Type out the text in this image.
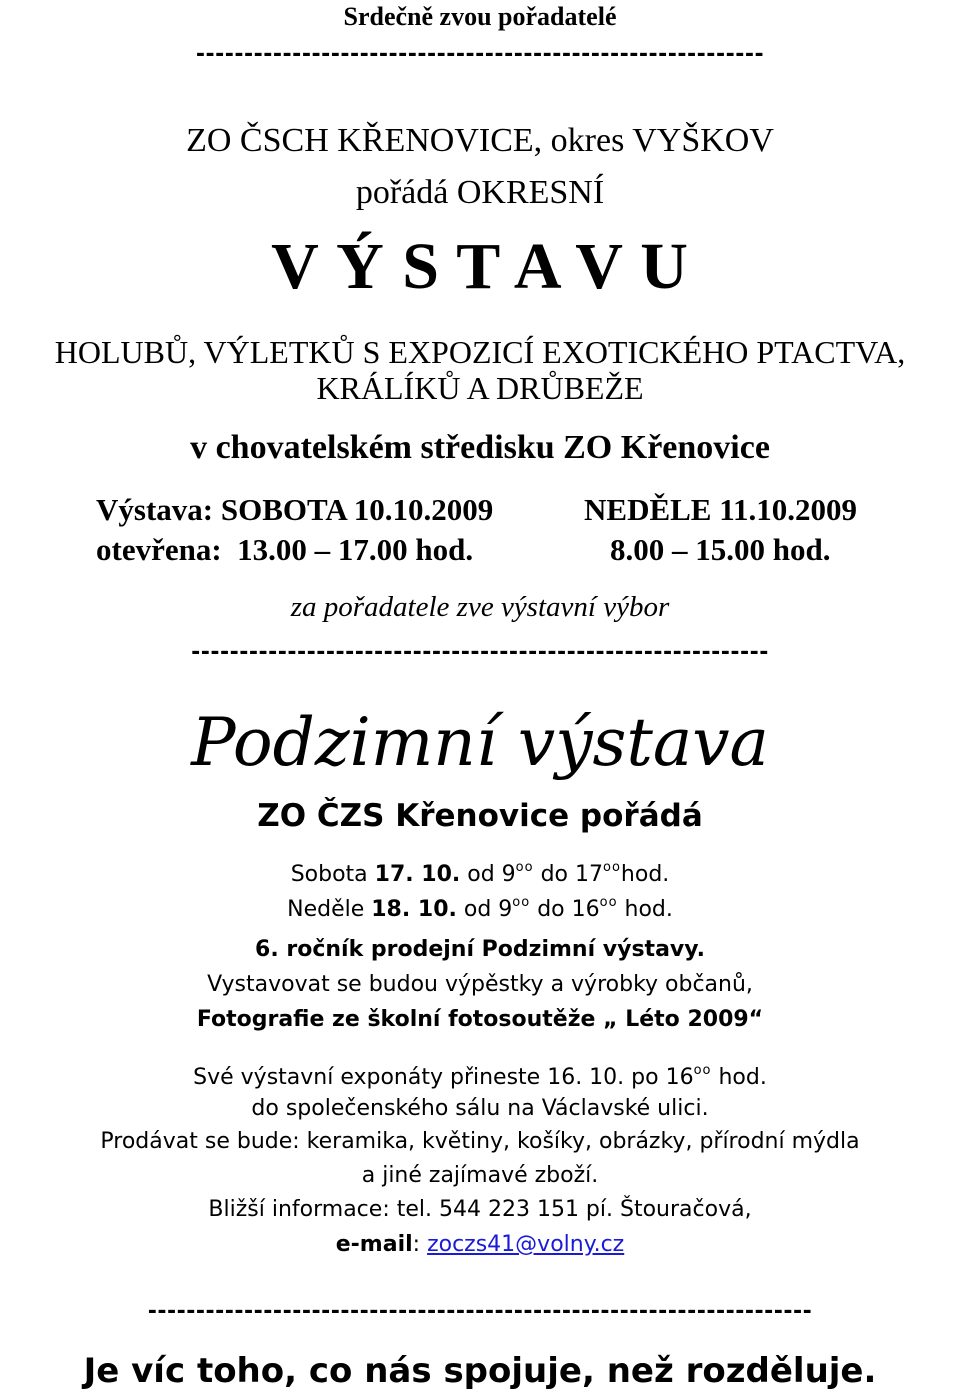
Srdečně zvou pořadatelé
-----------------------------------------------------------
ZO ČSCH KŘENOVICE, okres VYŠKOV
pořádá OKRESNÍ
V Ý S T A V U
HOLUBŮ, VÝLETKŮ S EXPOZICÍ EXOTICKÉHO PTACTVA,
KRÁLÍKŮ A DRŮBEŽE
v chovatelském středisku ZO Křenovice
Výstava: SOBOTA 10.10.2009	NEDĚLE 11.10.2009
otevřena:  13.00 – 17.00 hod.	8.00 – 15.00 hod.
za pořadatele zve výstavní výbor
------------------------------------------------------------
Podzimní výstava
ZO ČZS Křenovice pořádá
Sobota 17. 10. od $9^{oo}$ do $17^{oo}hod$.
Neděle 18. 10. od $9^{oo}$ do $16^{oo}$ hod.
6. ročník prodejní Podzimní výstavy.
Vystavovat se budou výpěstky a výrobky občanů,
Fotografie ze školní fotosoutěže „ Léto 2009“
Své výstavní exponáty přineste 16. 10. po $16^{oo}$ hod.
do společenského sálu na Václavské ulici.
Prodávat se bude: keramika, květiny, košíky, obrázky, přírodní mýdla
a jiné zajímavé zboží.
Bližší informace: tel. 544 223 151 pí. Štouračová,
e-mail: zoczs41@volny.cz
---------------------------------------------------------------------
Je víc toho, co nás spojuje, než rozděluje.
